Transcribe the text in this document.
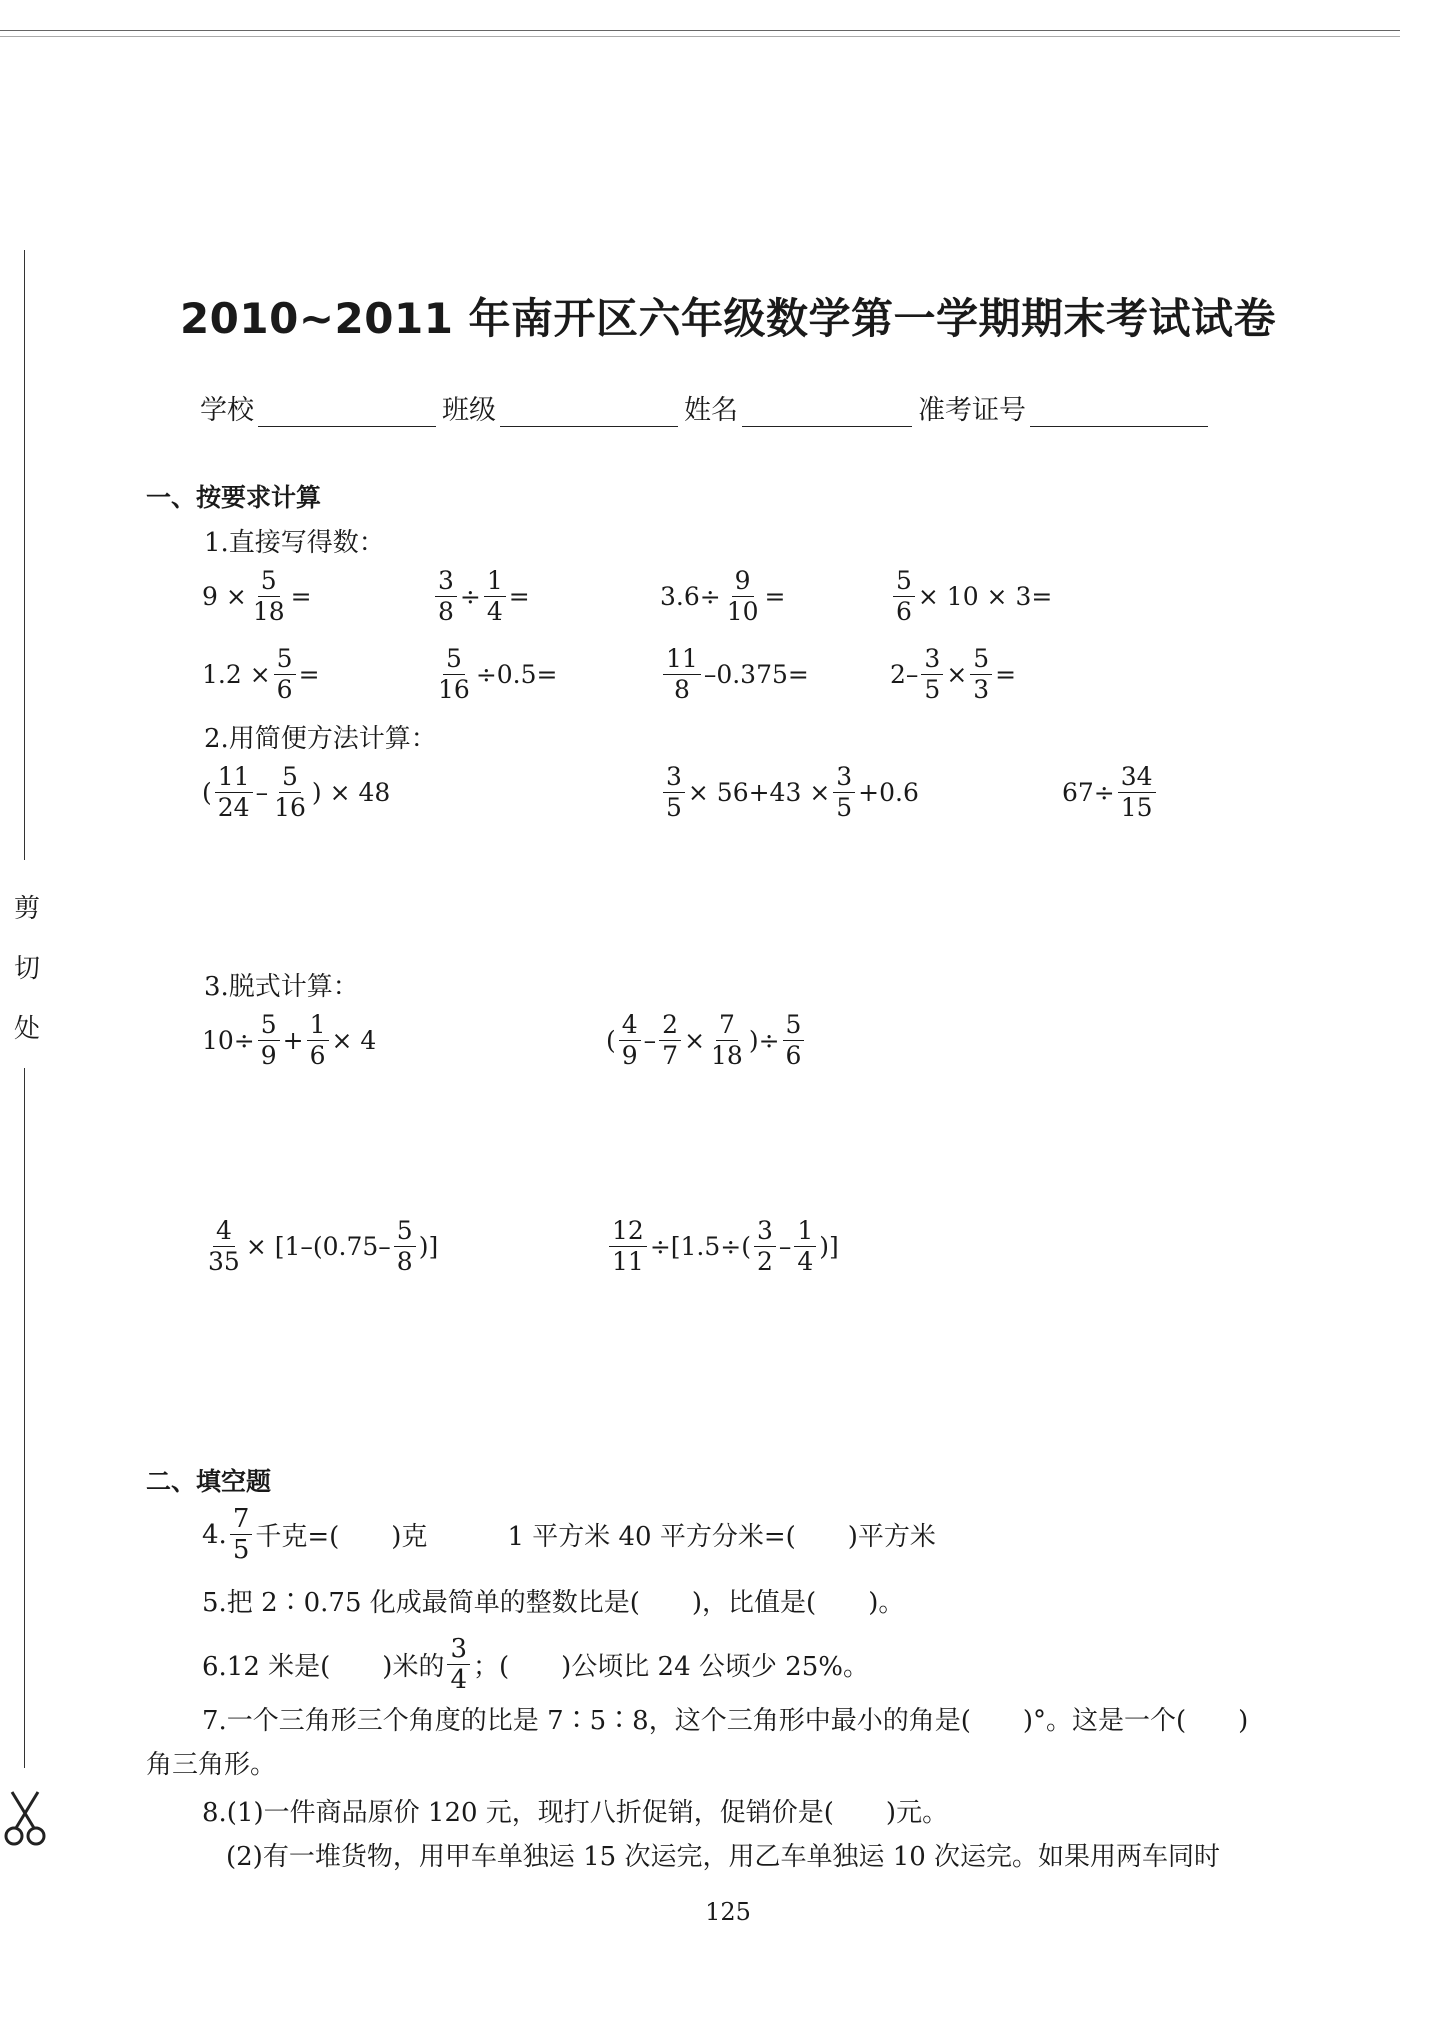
剪
切
处
2010~2011 年南开区六年级数学第一学期期末考试试卷
学校	班级	姓名	准考证号
一、按要求计算
1.直接写得数：
$9 \times \frac{5}{18}$ =	$\frac{3}{8} \div \frac{1}{4}$ =	$3.6\div \frac{9}{10}$ =	$\frac{5}{6} \times 10 \times 3=$
$1.2 \times \frac{5}{6}$ =	$\frac{5}{16} \div 0.5=$	$\frac{11}{8} -0.375=$	$2- \frac{3}{5} \times \frac{5}{3}$ =
2.用简便方法计算：
( $\frac{11}{24} - \frac{5}{16}$ ) × 48	$\frac{3}{5} \times 56+43 \times \frac{3}{5} +0.6$	$67\div \frac{34}{15}$
3.脱式计算：
$10\div \frac{5}{9} + \frac{1}{6} \times 4$	( $\frac{4}{9} - \frac{2}{7} \times \frac{7}{18}$ )÷ $\frac{5}{6}$
$\frac{4}{35} \times [1-(0.75- \frac{5}{8}$ )]	$\frac{12}{11} \div[1.5\div( \frac{3}{2} - \frac{1}{4}$ )]
二、填空题
4. $\frac{7}{5}$ 千克=(　　)克	1 平方米 40 平方分米=(　　)平方米
5.把 2∶0.75 化成最简单的整数比是(　　)，比值是(　　)。
6.12 米是(　　)米的 $\frac{3}{4}$ ；(　　)公顷比 24 公顷少 25%。
7.一个三角形三个角度的比是 7∶5∶8，这个三角形中最小的角是(　　)°。这是一个(　　)
角三角形。
8.(1)一件商品原价 120 元，现打八折促销，促销价是(　　)元。
(2)有一堆货物，用甲车单独运 15 次运完，用乙车单独运 10 次运完。如果用两车同时
125
